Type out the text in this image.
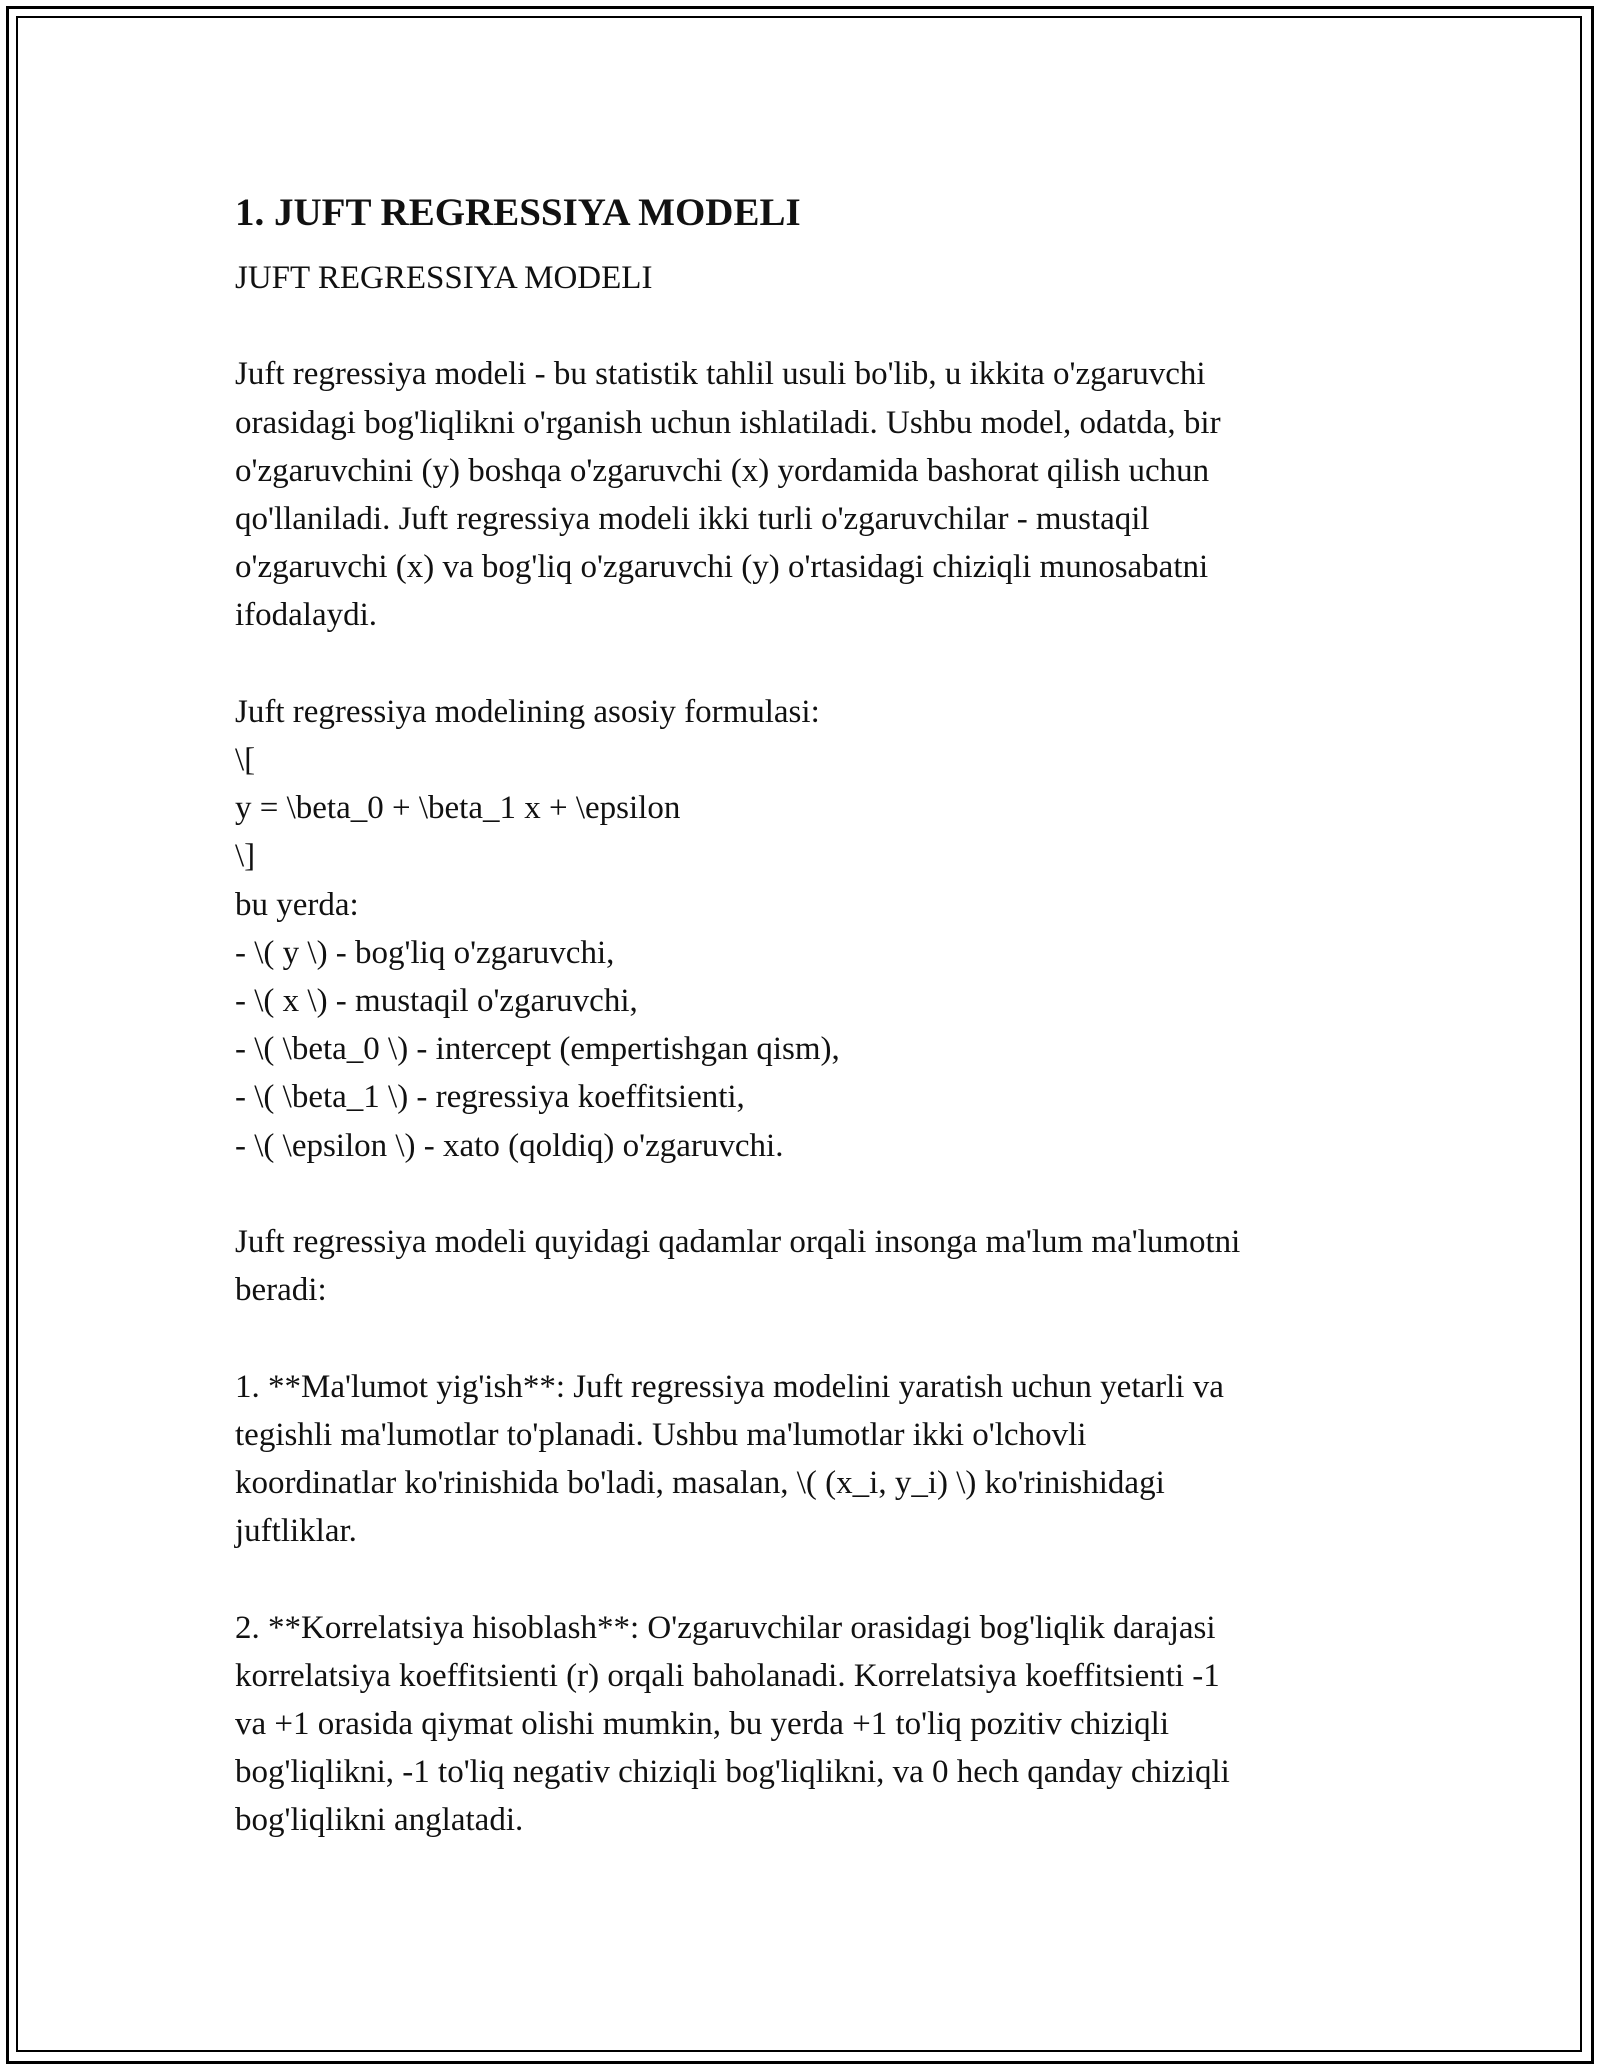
1. JUFT REGRESSIYA MODELI
JUFT REGRESSIYA MODELI
Juft regressiya modeli - bu statistik tahlil usuli bo'lib, u ikkita o'zgaruvchi
orasidagi bog'liqlikni o'rganish uchun ishlatiladi. Ushbu model, odatda, bir
o'zgaruvchini (y) boshqa o'zgaruvchi (x) yordamida bashorat qilish uchun
qo'llaniladi. Juft regressiya modeli ikki turli o'zgaruvchilar - mustaqil
o'zgaruvchi (x) va bog'liq o'zgaruvchi (y) o'rtasidagi chiziqli munosabatni
ifodalaydi.
Juft regressiya modelining asosiy formulasi:
\[
y = \beta_0 + \beta_1 x + \epsilon
\]
bu yerda:
- \( y \) - bog'liq o'zgaruvchi,
- \( x \) - mustaqil o'zgaruvchi,
- \( \beta_0 \) - intercept (empertishgan qism),
- \( \beta_1 \) - regressiya koeffitsienti,
- \( \epsilon \) - xato (qoldiq) o'zgaruvchi.
Juft regressiya modeli quyidagi qadamlar orqali insonga ma'lum ma'lumotni
beradi:
1. **Ma'lumot yig'ish**: Juft regressiya modelini yaratish uchun yetarli va
tegishli ma'lumotlar to'planadi. Ushbu ma'lumotlar ikki o'lchovli
koordinatlar ko'rinishida bo'ladi, masalan, \( (x_i, y_i) \) ko'rinishidagi
juftliklar.
2. **Korrelatsiya hisoblash**: O'zgaruvchilar orasidagi bog'liqlik darajasi
korrelatsiya koeffitsienti (r) orqali baholanadi. Korrelatsiya koeffitsienti -1
va +1 orasida qiymat olishi mumkin, bu yerda +1 to'liq pozitiv chiziqli
bog'liqlikni, -1 to'liq negativ chiziqli bog'liqlikni, va 0 hech qanday chiziqli
bog'liqlikni anglatadi.
